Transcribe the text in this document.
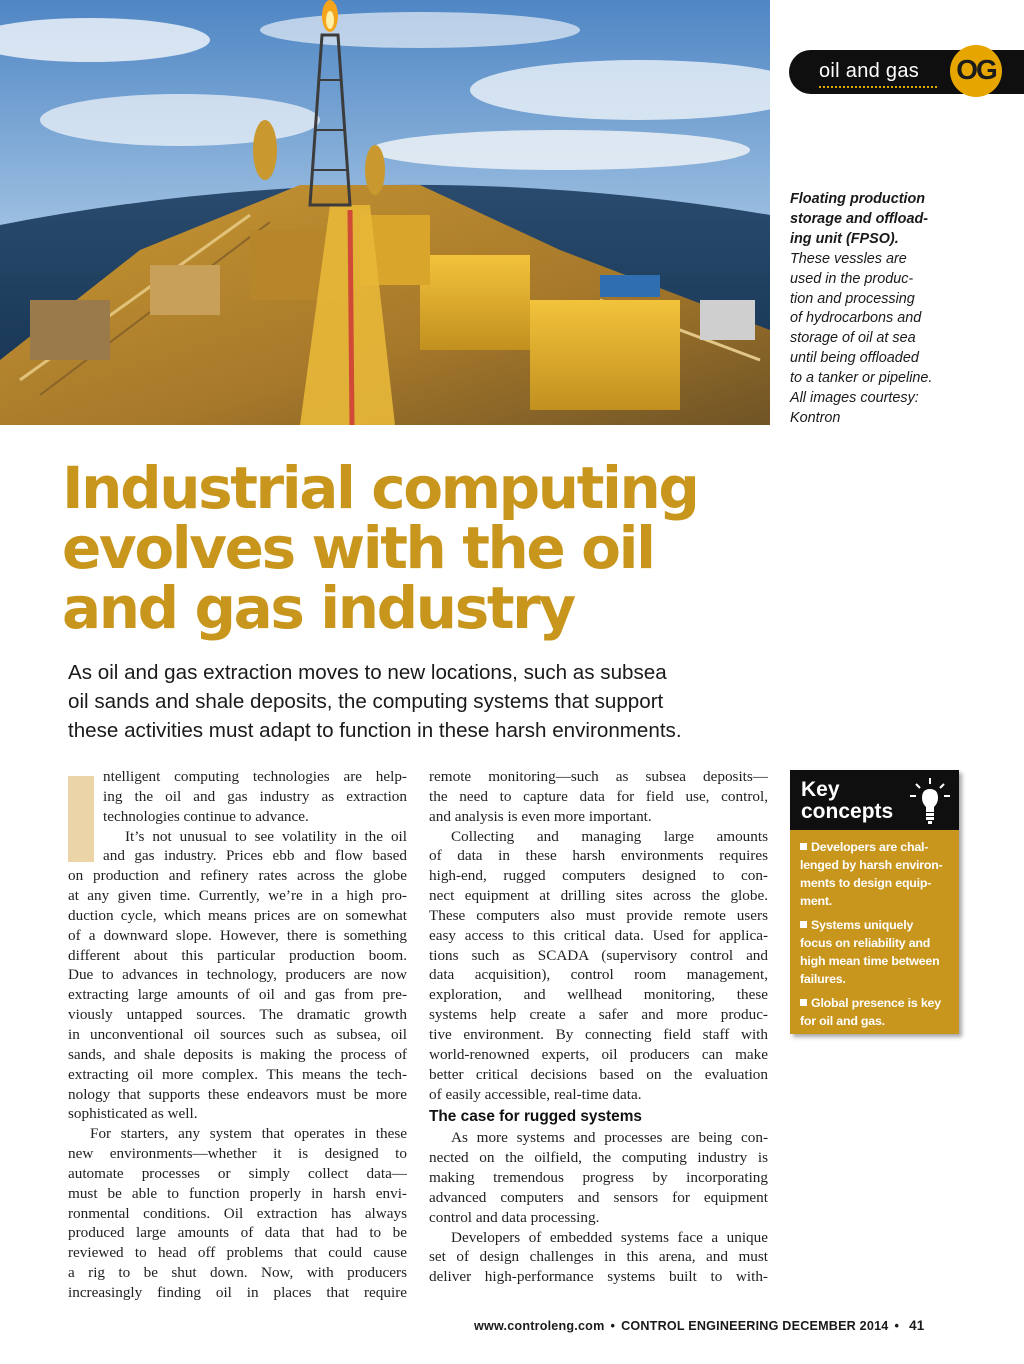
oil and gas OG
Floating production
storage and offload-
ing unit (FPSO).
These vessles are
used in the produc-
tion and processing
of hydrocarbons and
storage of oil at sea
until being offloaded
to a tanker or pipeline.
All images courtesy:
Kontron
Industrial computing
evolves with the oil
and gas industry
As oil and gas extraction moves to new locations, such as subsea
oil sands and shale deposits, the computing systems that support
these activities must adapt to function in these harsh environments.
ntelligent computing technologies are help-
ing the oil and gas industry as extraction
technologies continue to advance.
It’s not unusual to see volatility in the oil
and gas industry. Prices ebb and flow based
on production and refinery rates across the globe
at any given time. Currently, we’re in a high pro-
duction cycle, which means prices are on somewhat
of a downward slope. However, there is something
different about this particular production boom.
Due to advances in technology, producers are now
extracting large amounts of oil and gas from pre-
viously untapped sources. The dramatic growth
in unconventional oil sources such as subsea, oil
sands, and shale deposits is making the process of
extracting oil more complex. This means the tech-
nology that supports these endeavors must be more
sophisticated as well.
For starters, any system that operates in these
new environments—whether it is designed to
automate processes or simply collect data—
must be able to function properly in harsh envi-
ronmental conditions. Oil extraction has always
produced large amounts of data that had to be
reviewed to head off problems that could cause
a rig to be shut down. Now, with producers
increasingly finding oil in places that require
remote monitoring—such as subsea deposits—
the need to capture data for field use, control,
and analysis is even more important.
Collecting and managing large amounts
of data in these harsh environments requires
high-end, rugged computers designed to con-
nect equipment at drilling sites across the globe.
These computers also must provide remote users
easy access to this critical data. Used for applica-
tions such as SCADA (supervisory control and
data acquisition), control room management,
exploration, and wellhead monitoring, these
systems help create a safer and more produc-
tive environment. By connecting field staff with
world-renowned experts, oil producers can make
better critical decisions based on the evaluation
of easily accessible, real-time data.
The case for rugged systems
As more systems and processes are being con-
nected on the oilfield, the computing industry is
making tremendous progress by incorporating
advanced computers and sensors for equipment
control and data processing.
Developers of embedded systems face a unique
set of design challenges in this arena, and must
deliver high-performance systems built to with-
Key
concepts
Developers are chal-
lenged by harsh environ-
ments to design equip-
ment.
Systems uniquely
focus on reliability and
high mean time between
failures.
Global presence is key
for oil and gas.
www.controleng.com • CONTROL ENGINEERING DECEMBER 2014 • 41
